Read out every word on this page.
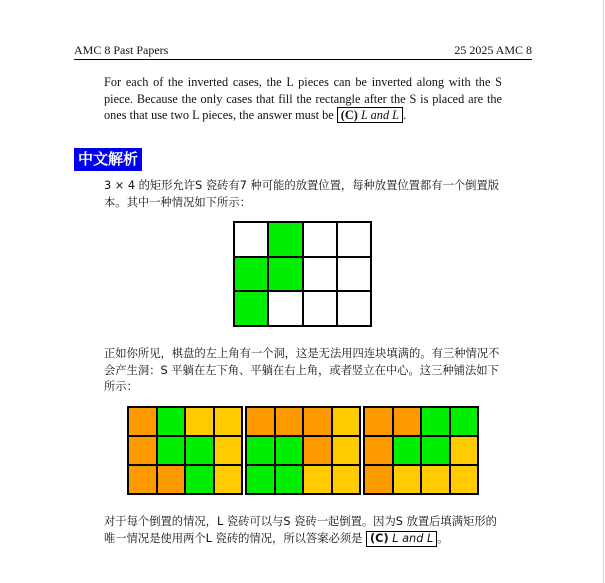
AMC 8 Past Papers	25 2025 AMC 8
For each of the inverted cases, the L pieces can be inverted along with the S piece. Because the only cases that fill the rectangle after the S is placed are the ones that use two L pieces, the answer must be (C) L and L .
中文解析
3 × 4 的矩形允许S 瓷砖有7 种可能的放置位置，每种放置位置都有一个倒置版本。其中一种情况如下所示：
正如你所见，棋盘的左上角有一个洞，这是无法用四连块填满的。有三种情况不会产生洞：S 平躺在左下角、平躺在右上角，或者竖立在中心。这三种铺法如下所示：
对于每个倒置的情况，L 瓷砖可以与S 瓷砖一起倒置。因为S 放置后填满矩形的唯一情况是使用两个L 瓷砖的情况，所以答案必须是 (C) L and L 。
